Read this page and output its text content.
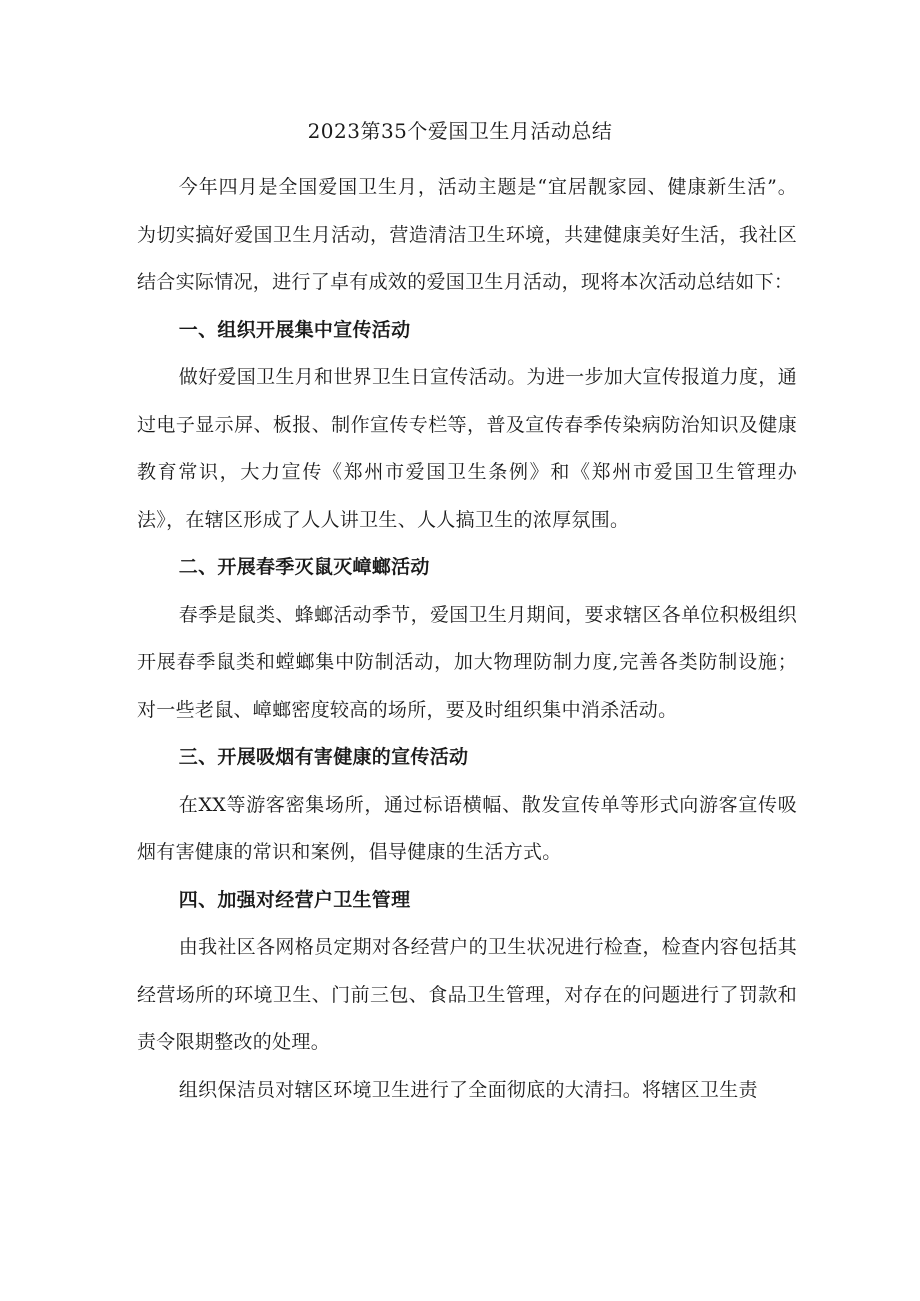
2023第35个爱国卫生月活动总结

今年四月是全国爱国卫生月，活动主题是“宜居靓家园、健康新生活”。为切实搞好爱国卫生月活动，营造清洁卫生环境，共建健康美好生活，我社区结合实际情况，进行了卓有成效的爱国卫生月活动，现将本次活动总结如下：

一、组织开展集中宣传活动

做好爱国卫生月和世界卫生日宣传活动。为进一步加大宣传报道力度，通过电子显示屏、板报、制作宣传专栏等，普及宣传春季传染病防治知识及健康教育常识，大力宣传《郑州市爱国卫生条例》和《郑州市爱国卫生管理办法》，在辖区形成了人人讲卫生、人人搞卫生的浓厚氛围。

二、开展春季灭鼠灭嶂螂活动

春季是鼠类、蜂螂活动季节，爱国卫生月期间，要求辖区各单位积极组织开展春季鼠类和螳螂集中防制活动，加大物理防制力度,完善各类防制设施；对一些老鼠、嶂螂密度较高的场所，要及时组织集中消杀活动。

三、开展吸烟有害健康的宣传活动

在XX等游客密集场所，通过标语横幅、散发宣传单等形式向游客宣传吸烟有害健康的常识和案例，倡导健康的生活方式。

四、加强对经营户卫生管理

由我社区各网格员定期对各经营户的卫生状况进行检查，检查内容包括其经营场所的环境卫生、门前三包、食品卫生管理，对存在的问题进行了罚款和责令限期整改的处理。

组织保洁员对辖区环境卫生进行了全面彻底的大清扫。将辖区卫生责
